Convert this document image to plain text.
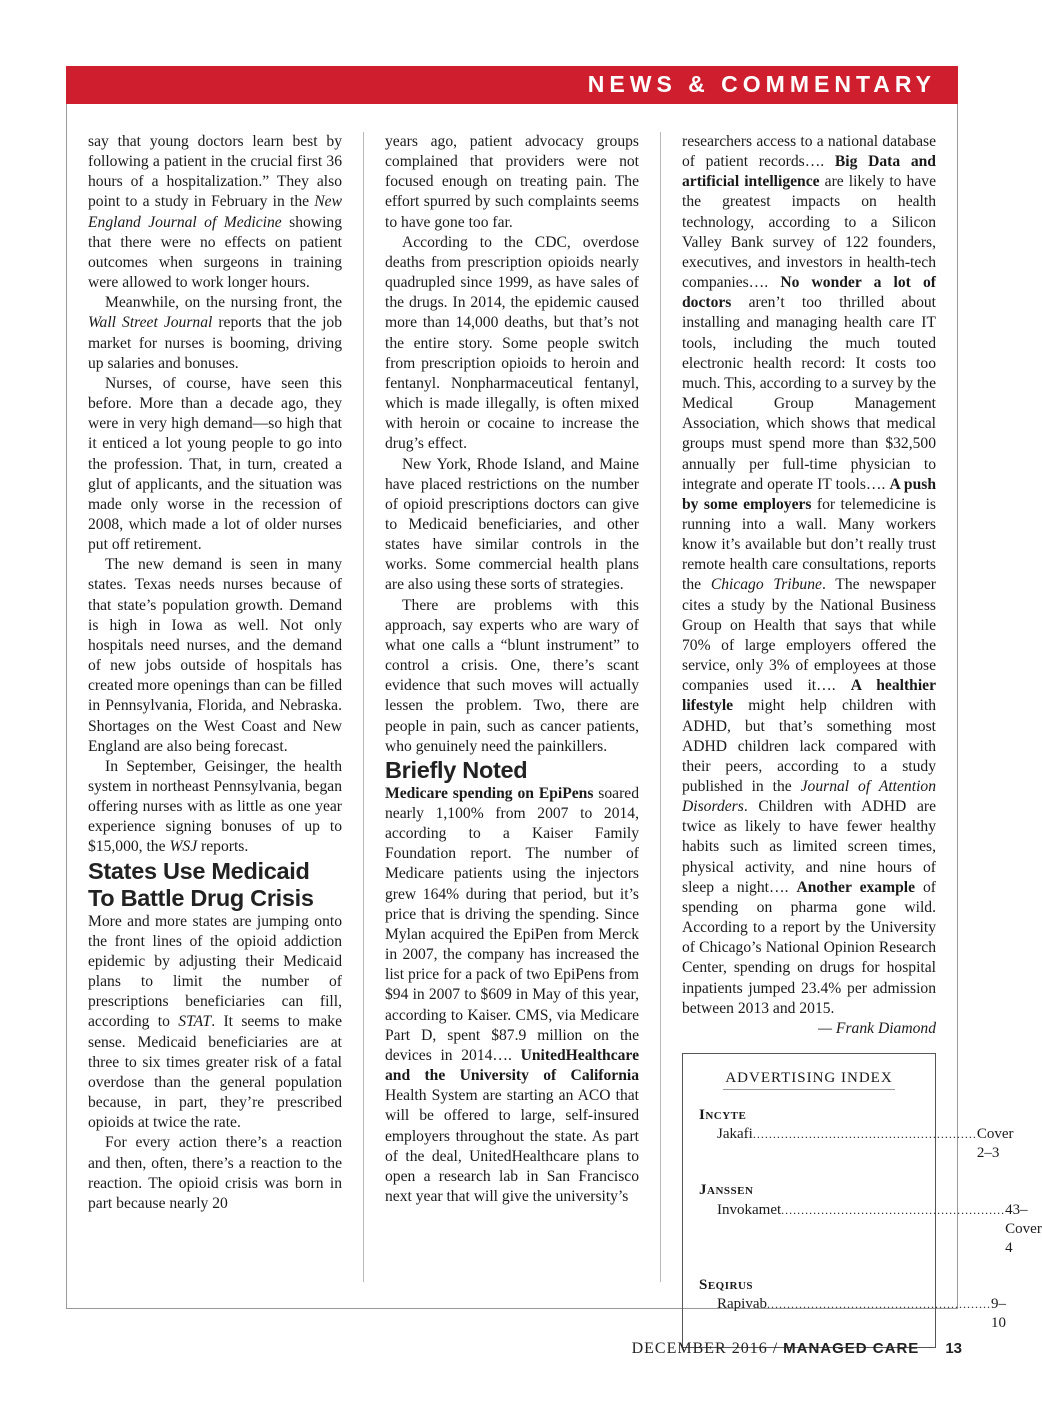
NEWS & COMMENTARY

say that young doctors learn best by following a patient in the crucial first 36 hours of a hospitalization.” They also point to a study in February in the New England Journal of Medicine showing that there were no effects on patient outcomes when surgeons in training were allowed to work longer hours.

Meanwhile, on the nursing front, the Wall Street Journal reports that the job market for nurses is booming, driving up salaries and bonuses.

Nurses, of course, have seen this before. More than a decade ago, they were in very high demand—so high that it enticed a lot young people to go into the profession. That, in turn, created a glut of applicants, and the situation was made only worse in the recession of 2008, which made a lot of older nurses put off retirement.

The new demand is seen in many states. Texas needs nurses because of that state’s population growth. Demand is high in Iowa as well. Not only hospitals need nurses, and the demand of new jobs outside of hospitals has created more openings than can be filled in Pennsylvania, Florida, and Nebraska. Shortages on the West Coast and New England are also being forecast.

In September, Geisinger, the health system in northeast Pennsylvania, began offering nurses with as little as one year experience signing bonuses of up to $15,000, the WSJ reports.

States Use Medicaid
To Battle Drug Crisis

More and more states are jumping onto the front lines of the opioid addiction epidemic by adjusting their Medicaid plans to limit the number of prescriptions beneficiaries can fill, according to STAT. It seems to make sense. Medicaid beneficiaries are at three to six times greater risk of a fatal overdose than the general population because, in part, they’re prescribed opioids at twice the rate.

For every action there’s a reaction and then, often, there’s a reaction to the reaction. The opioid crisis was born in part because nearly 20

years ago, patient advocacy groups complained that providers were not focused enough on treating pain. The effort spurred by such complaints seems to have gone too far.

According to the CDC, overdose deaths from prescription opioids nearly quadrupled since 1999, as have sales of the drugs. In 2014, the epidemic caused more than 14,000 deaths, but that’s not the entire story. Some people switch from prescription opioids to heroin and fentanyl. Nonpharmaceutical fentanyl, which is made illegally, is often mixed with heroin or cocaine to increase the drug’s effect.

New York, Rhode Island, and Maine have placed restrictions on the number of opioid prescriptions doctors can give to Medicaid beneficiaries, and other states have similar controls in the works. Some commercial health plans are also using these sorts of strategies.

There are problems with this approach, say experts who are wary of what one calls a “blunt instrument” to control a crisis. One, there’s scant evidence that such moves will actually lessen the problem. Two, there are people in pain, such as cancer patients, who genuinely need the painkillers.

Briefly Noted

Medicare spending on EpiPens soared nearly 1,100% from 2007 to 2014, according to a Kaiser Family Foundation report. The number of Medicare patients using the injectors grew 164% during that period, but it’s price that is driving the spending. Since Mylan acquired the EpiPen from Merck in 2007, the company has increased the list price for a pack of two EpiPens from $94 in 2007 to $609 in May of this year, according to Kaiser. CMS, via Medicare Part D, spent $87.9 million on the devices in 2014…. UnitedHealthcare and the University of California Health System are starting an ACO that will be offered to large, self-insured employers throughout the state. As part of the deal, UnitedHealthcare plans to open a research lab in San Francisco next year that will give the university’s

researchers access to a national database of patient records…. Big Data and artificial intelligence are likely to have the greatest impacts on health technology, according to a Silicon Valley Bank survey of 122 founders, executives, and investors in health-tech companies…. No wonder a lot of doctors aren’t too thrilled about installing and managing health care IT tools, including the much touted electronic health record: It costs too much. This, according to a survey by the Medical Group Management Association, which shows that medical groups must spend more than $32,500 annually per full-time physician to integrate and operate IT tools…. A push by some employers for telemedicine is running into a wall. Many workers know it’s available but don’t really trust remote health care consultations, reports the Chicago Tribune. The newspaper cites a study by the National Business Group on Health that says that while 70% of large employers offered the service, only 3% of employees at those companies used it…. A healthier lifestyle might help children with ADHD, but that’s something most ADHD children lack compared with their peers, according to a study published in the Journal of Attention Disorders. Children with ADHD are twice as likely to have fewer healthy habits such as limited screen times, physical activity, and nine hours of sleep a night…. Another example of spending on pharma gone wild. According to a report by the University of Chicago’s National Opinion Research Center, spending on drugs for hospital inpatients jumped 23.4% per admission between 2013 and 2015.

— Frank Diamond

ADVERTISING INDEX
Incyte
Jakafi ........................................................ Cover 2–3
Janssen
Invokamet ........................................................ 43–Cover 4
Seqirus
Rapivab ........................................................ 9–10
DECEMBER 2016 / MANAGED CARE 13
